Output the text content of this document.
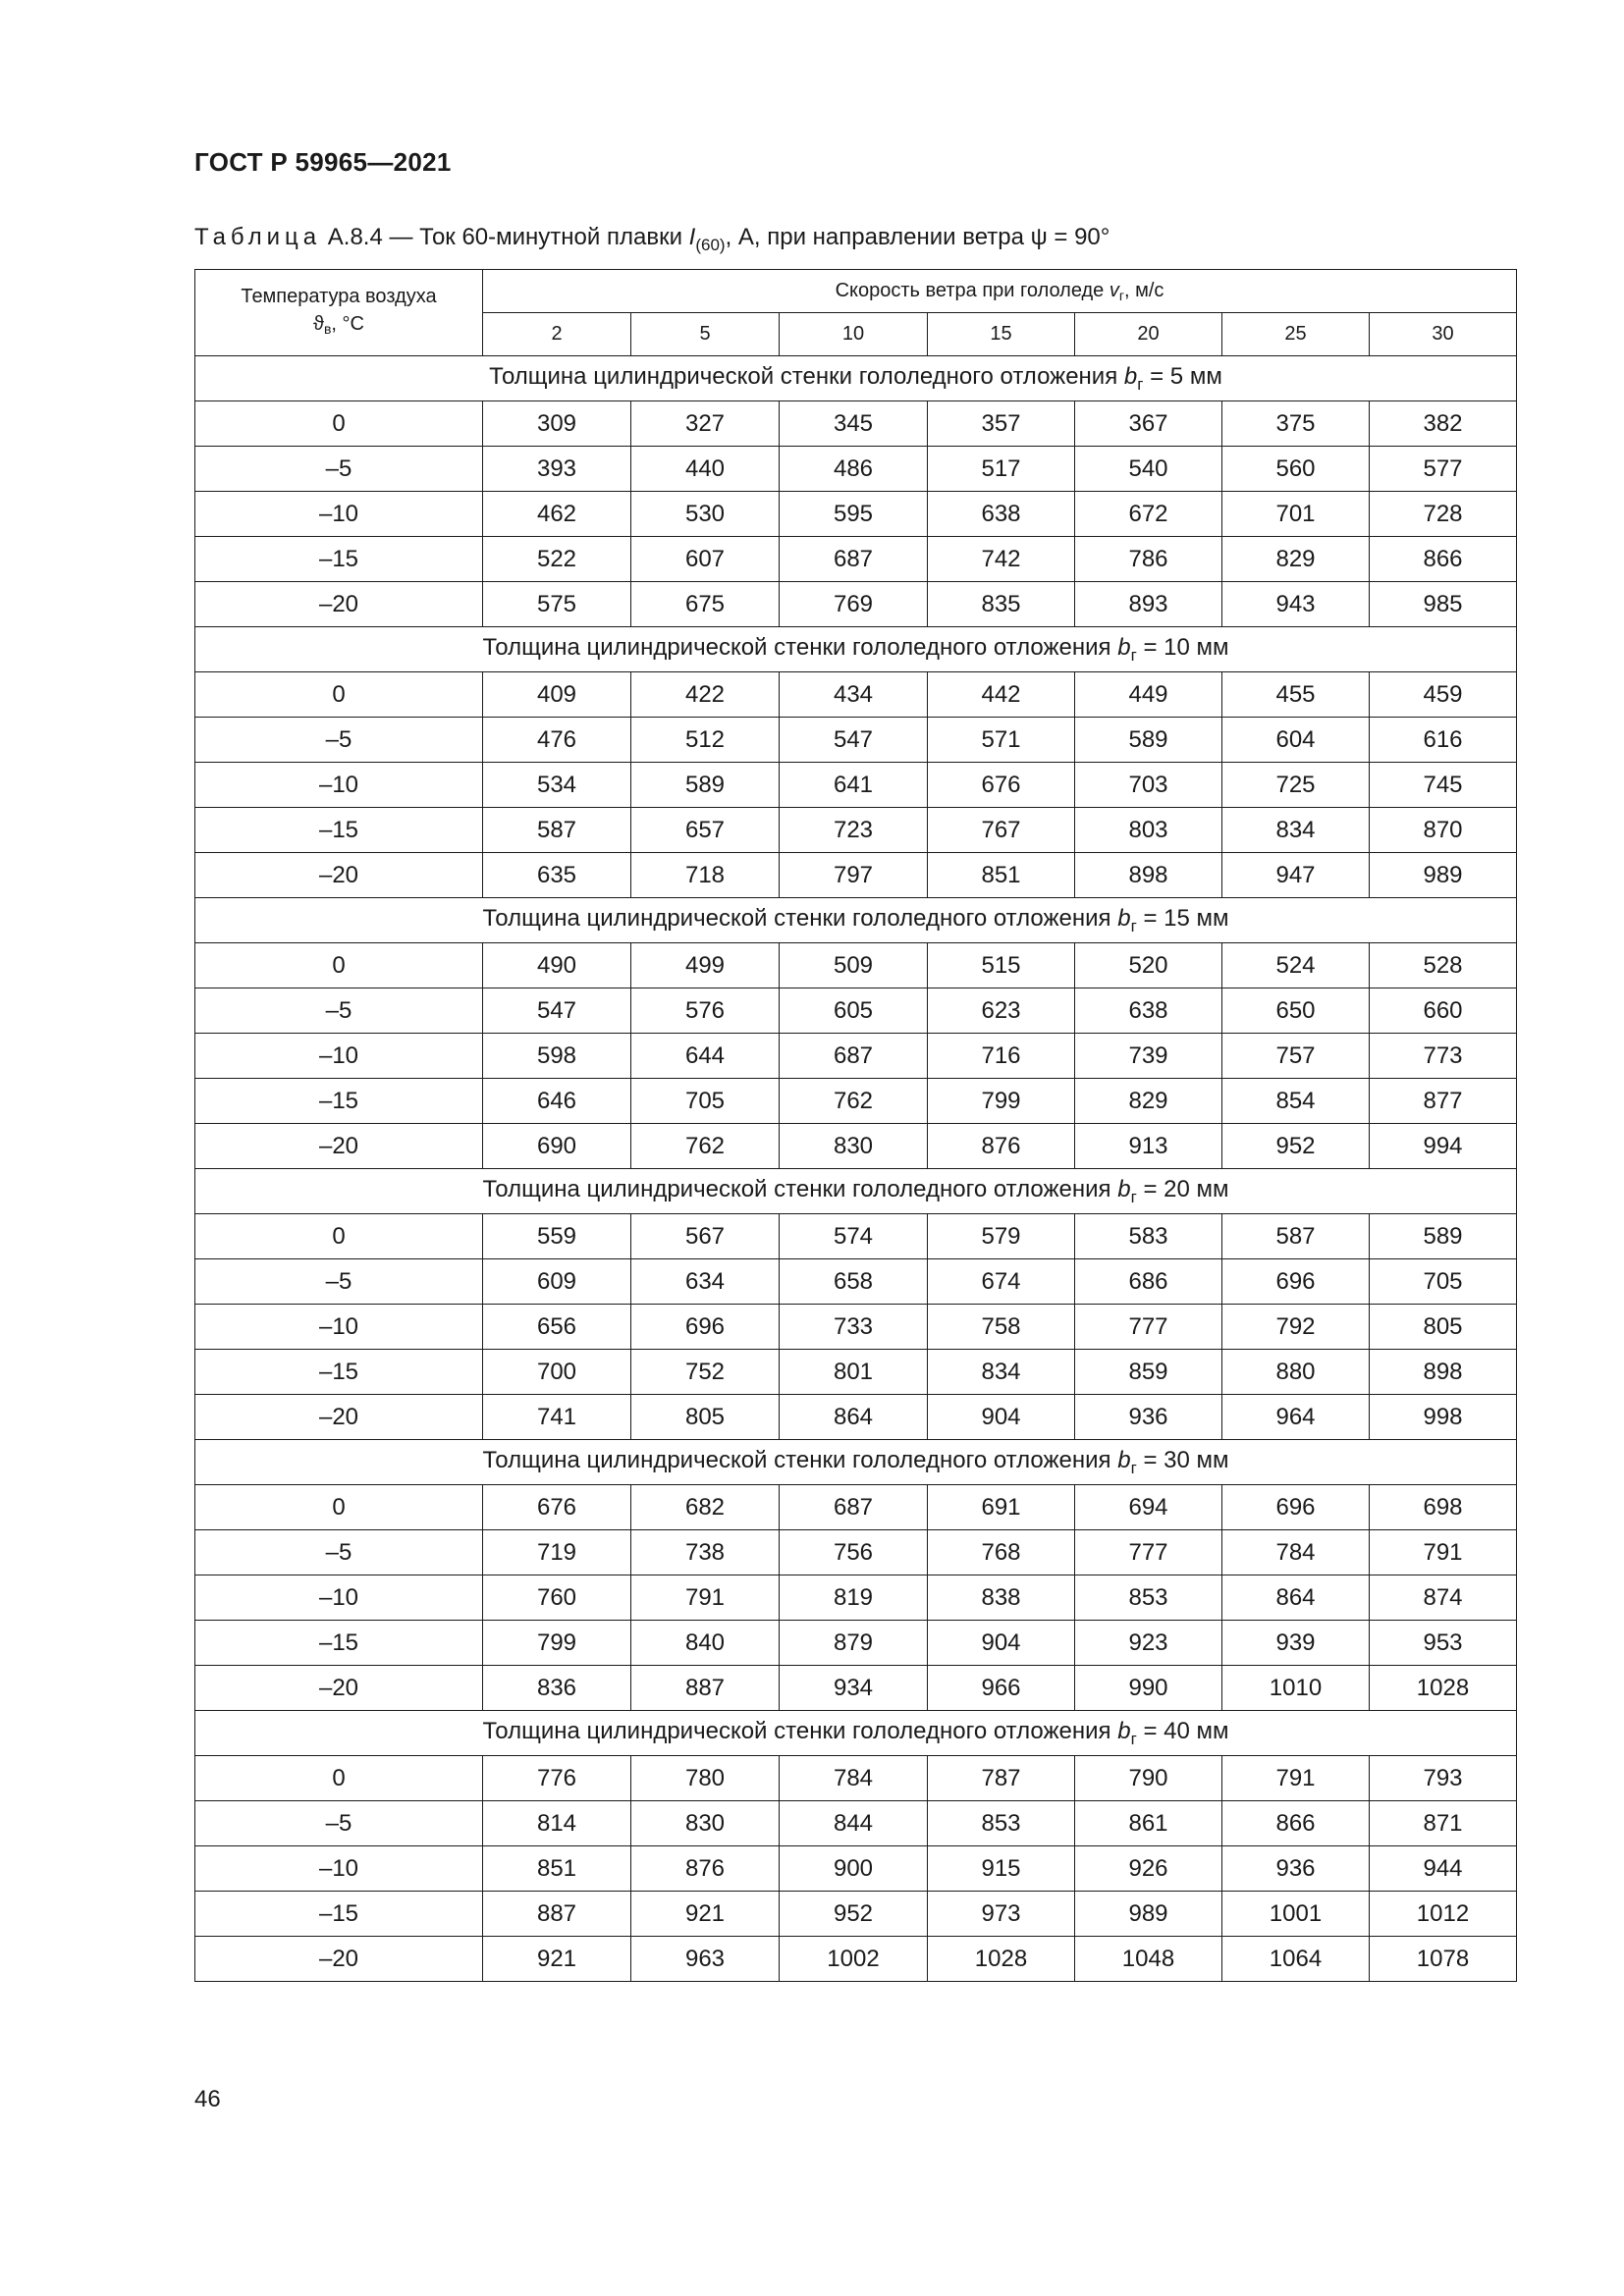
ГОСТ Р 59965—2021
Таблица А.8.4 — Ток 60-минутной плавки $I_{(60)}$, А, при направлении ветра ψ = 90°
Температура воздуха
$ϑ_в$, °С	Скорость ветра при гололеде $v_г$, м/с						
	2	5	10	15	20	25	30
Толщина цилиндрической стенки гололедного отложения $b_г = 5$ мм							
0	309	327	345	357	367	375	382
–5	393	440	486	517	540	560	577
–10	462	530	595	638	672	701	728
–15	522	607	687	742	786	829	866
–20	575	675	769	835	893	943	985
Толщина цилиндрической стенки гололедного отложения $b_г = 10$ мм							
0	409	422	434	442	449	455	459
–5	476	512	547	571	589	604	616
–10	534	589	641	676	703	725	745
–15	587	657	723	767	803	834	870
–20	635	718	797	851	898	947	989
Толщина цилиндрической стенки гололедного отложения $b_г = 15$ мм							
0	490	499	509	515	520	524	528
–5	547	576	605	623	638	650	660
–10	598	644	687	716	739	757	773
–15	646	705	762	799	829	854	877
–20	690	762	830	876	913	952	994
Толщина цилиндрической стенки гололедного отложения $b_г = 20$ мм							
0	559	567	574	579	583	587	589
–5	609	634	658	674	686	696	705
–10	656	696	733	758	777	792	805
–15	700	752	801	834	859	880	898
–20	741	805	864	904	936	964	998
Толщина цилиндрической стенки гололедного отложения $b_г = 30$ мм							
0	676	682	687	691	694	696	698
–5	719	738	756	768	777	784	791
–10	760	791	819	838	853	864	874
–15	799	840	879	904	923	939	953
–20	836	887	934	966	990	1010	1028
Толщина цилиндрической стенки гололедного отложения $b_г = 40$ мм							
0	776	780	784	787	790	791	793
–5	814	830	844	853	861	866	871
–10	851	876	900	915	926	936	944
–15	887	921	952	973	989	1001	1012
–20	921	963	1002	1028	1048	1064	1078
46
